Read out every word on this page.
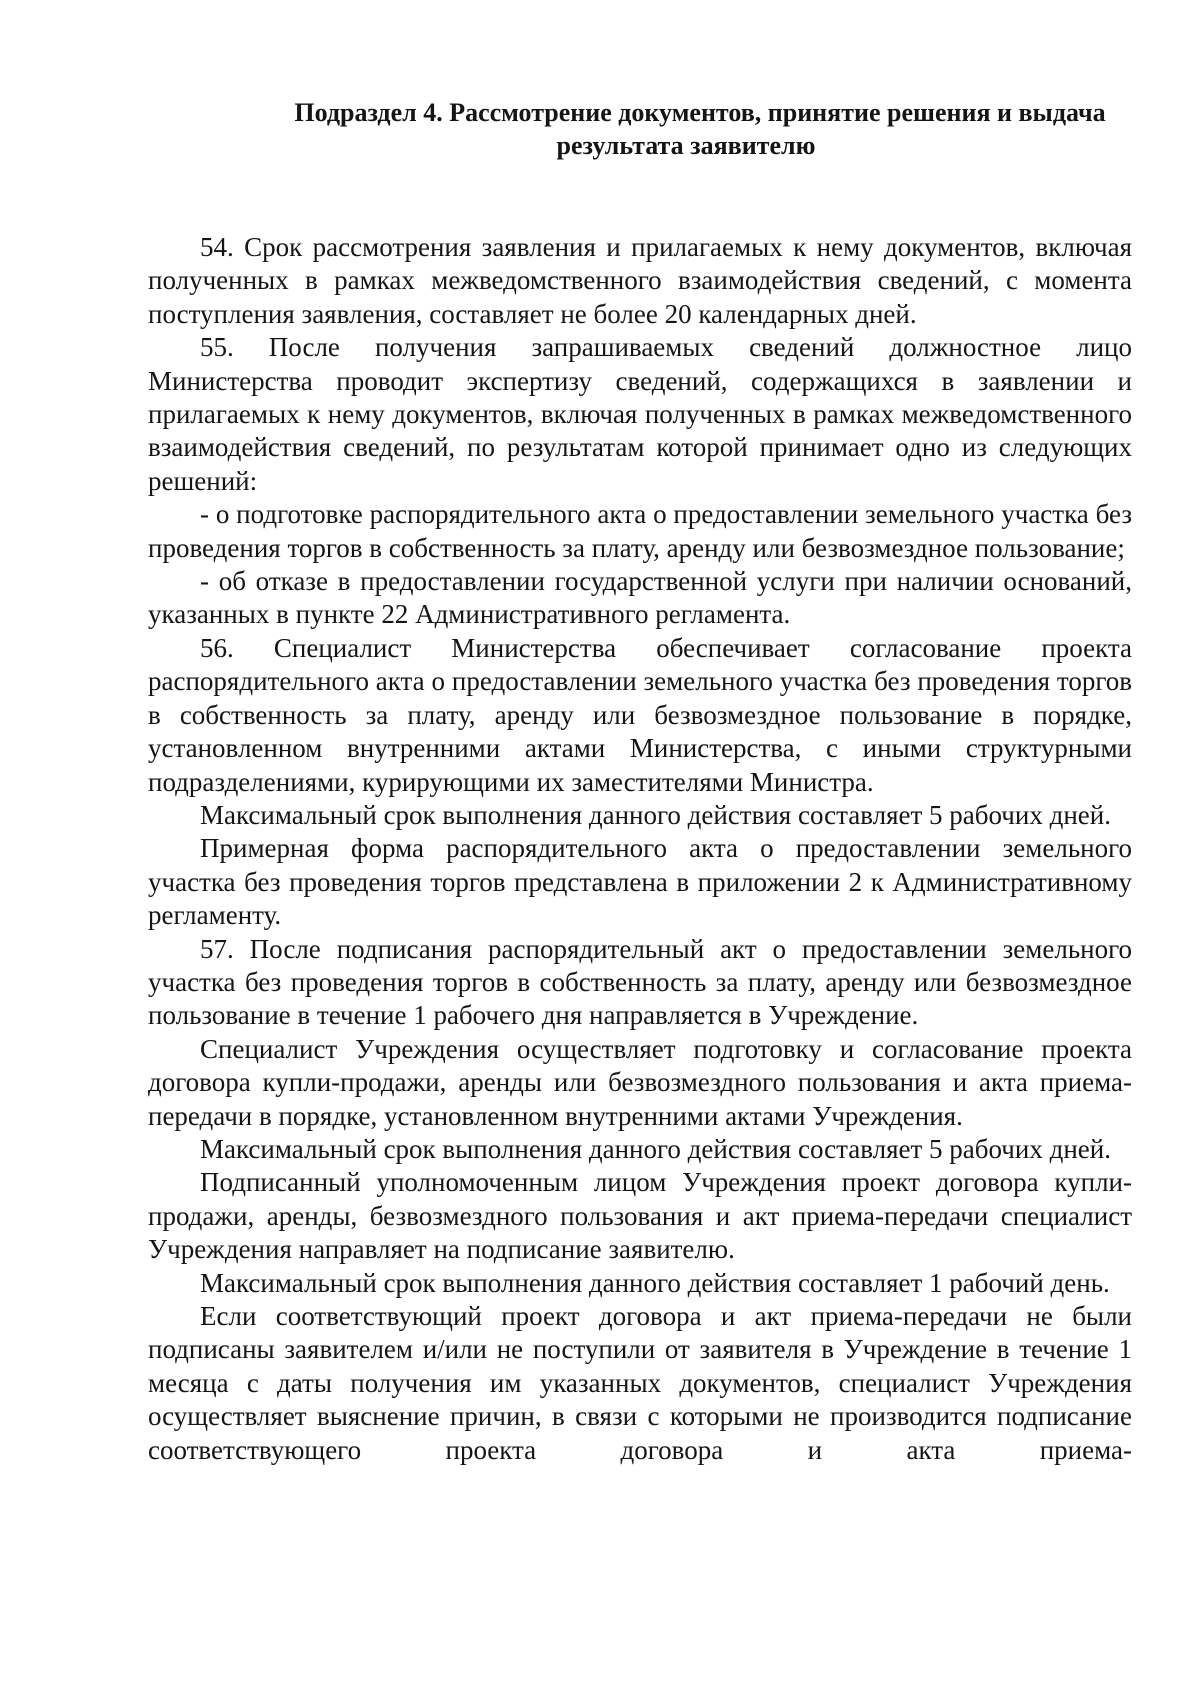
Подраздел 4. Рассмотрение документов, принятие решения и выдача
результата заявителю

54. Срок рассмотрения заявления и прилагаемых к нему документов, включая полученных в рамках межведомственного взаимодействия сведений, с момента поступления заявления, составляет не более 20 календарных дней.

55. После получения запрашиваемых сведений должностное лицо Министерства проводит экспертизу сведений, содержащихся в заявлении и прилагаемых к нему документов, включая полученных в рамках межведомственного взаимодействия сведений, по результатам которой принимает одно из следующих решений:

- о подготовке распорядительного акта о предоставлении земельного участка без проведения торгов в собственность за плату, аренду или безвозмездное пользование;

- об отказе в предоставлении государственной услуги при наличии оснований, указанных в пункте 22 Административного регламента.

56. Специалист Министерства обеспечивает согласование проекта распорядительного акта о предоставлении земельного участка без проведения торгов в собственность за плату, аренду или безвозмездное пользование в порядке, установленном внутренними актами Министерства, с иными структурными подразделениями, курирующими их заместителями Министра.

Максимальный срок выполнения данного действия составляет 5 рабочих дней.

Примерная форма распорядительного акта о предоставлении земельного участка без проведения торгов представлена в приложении 2 к Административному регламенту.

57. После подписания распорядительный акт о предоставлении земельного участка без проведения торгов в собственность за плату, аренду или безвозмездное пользование в течение 1 рабочего дня направляется в Учреждение.

Специалист Учреждения осуществляет подготовку и согласование проекта договора купли-продажи, аренды или безвозмездного пользования и акта приема-передачи в порядке, установленном внутренними актами Учреждения.

Максимальный срок выполнения данного действия составляет 5 рабочих дней.

Подписанный уполномоченным лицом Учреждения проект договора купли-продажи, аренды, безвозмездного пользования и акт приема-передачи специалист Учреждения направляет на подписание заявителю.

Максимальный срок выполнения данного действия составляет 1 рабочий день.

Если соответствующий проект договора и акт приема-передачи не были подписаны заявителем и/или не поступили от заявителя в Учреждение в течение 1 месяца с даты получения им указанных документов, специалист Учреждения осуществляет выяснение причин, в связи с которыми не производится подписание соответствующего проекта договора и акта приема-
